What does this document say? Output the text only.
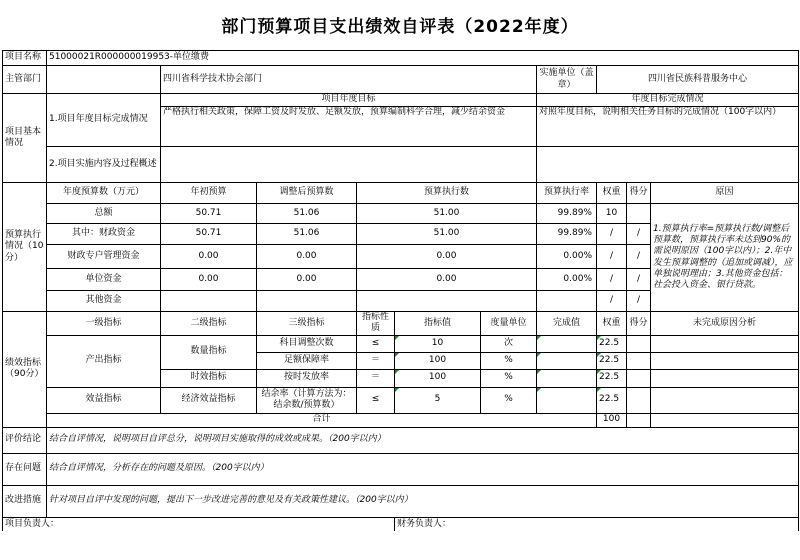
部门预算项目支出绩效自评表（2022年度）
项目名称	51000021R000000019953-单位缴费									
主管部门		四川省科学技术协会部门					实施单位（盖章）	四川省民族科普服务中心		
项目基本情况	1.项目年度目标完成情况	项目年度目标					年度目标完成情况			
		严格执行相关政策，保障工资及时发放、足额发放，预算编制科学合理，减少结余资金					对照年度目标，说明相关任务目标的完成情况（100字以内）			
	2.项目实施内容及过程概述									
预算执行情况（10分）	年度预算数（万元）	年初预算	调整后预算数	预算执行数			预算执行率	权重	得分	原因
	总额	50.71	51.06	51.00			99.89%	10		1.预算执行率=预算执行数/调整后预算数，预算执行率未达到90%的需说明原因（100字以内）；2.年中发生预算调整的（追加或调减），应单独说明理由；3.其他资金包括：社会投入资金、银行贷款。
	其中：财政资金	50.71	51.06	51.00			99.89%	/	/	
	财政专户管理资金	0.00	0.00	0.00			0.00%	/	/	
	单位资金	0.00	0.00	0.00			0.00%	/	/	
	其他资金							/	/	
绩效指标（90分）	一级指标	二级指标	三级指标	指标性质	指标值	度量单位	完成值	权重	得分	未完成原因分析
	产出指标	数量指标	科目调整次数	≤	10	次		22.5		
			足额保障率	＝	100	%		22.5		
		时效指标	按时发放率	＝	100	%		22.5		
	效益指标	经济效益指标	结余率（计算方法为：结余数/预算数）	≤	5	%		22.5		
	合计							100		
评价结论	结合自评情况，说明项目自评总分，说明项目实施取得的成效或成果。（200字以内）									
存在问题	结合自评情况，分析存在的问题及原因。（200字以内）									
改进措施	针对项目自评中发现的问题，提出下一步改进完善的意见及有关政策性建议。（200字以内）									
项目负责人：					财务负责人：					
